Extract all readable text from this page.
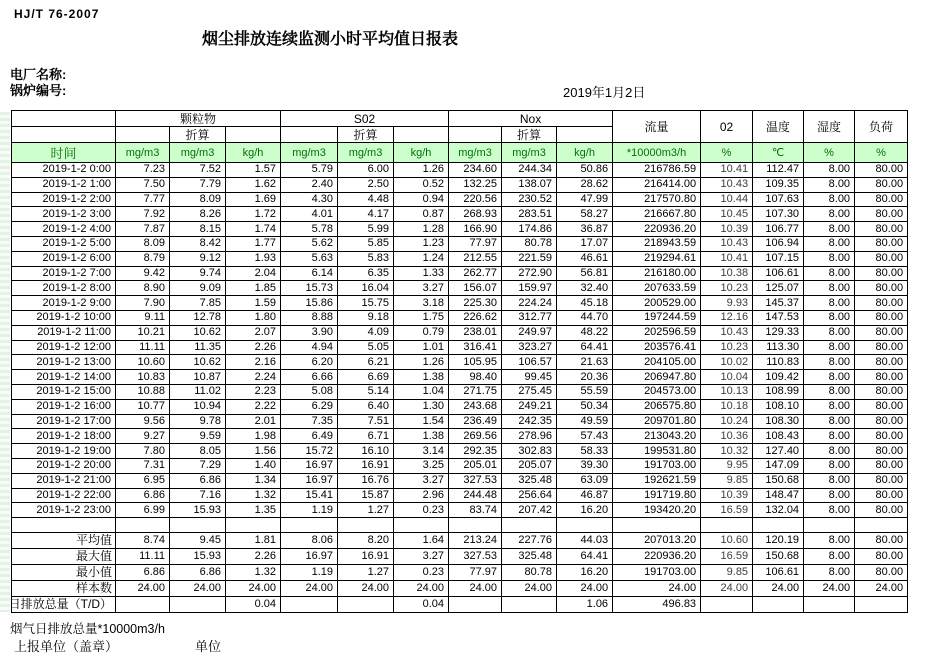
HJ/T 76-2007
烟尘排放连续监测小时平均值日报表
电厂名称:
锅炉编号:	2019年1月2日
	颗粒物			S02			Nox			流量	02	温度	湿度	负荷
		折算			折算			折算						
时间	mg/m3	mg/m3	kg/h	mg/m3	mg/m3	kg/h	mg/m3	mg/m3	kg/h	*10000m3/h	%	℃	%	%
2019-1-2 0:00	7.23	7.52	1.57	5.79	6.00	1.26	234.60	244.34	50.86	216786.59	10.41	112.47	8.00	80.00
2019-1-2 1:00	7.50	7.79	1.62	2.40	2.50	0.52	132.25	138.07	28.62	216414.00	10.43	109.35	8.00	80.00
2019-1-2 2:00	7.77	8.09	1.69	4.30	4.48	0.94	220.56	230.52	47.99	217570.80	10.44	107.63	8.00	80.00
2019-1-2 3:00	7.92	8.26	1.72	4.01	4.17	0.87	268.93	283.51	58.27	216667.80	10.45	107.30	8.00	80.00
2019-1-2 4:00	7.87	8.15	1.74	5.78	5.99	1.28	166.90	174.86	36.87	220936.20	10.39	106.77	8.00	80.00
2019-1-2 5:00	8.09	8.42	1.77	5.62	5.85	1.23	77.97	80.78	17.07	218943.59	10.43	106.94	8.00	80.00
2019-1-2 6:00	8.79	9.12	1.93	5.63	5.83	1.24	212.55	221.59	46.61	219294.61	10.41	107.15	8.00	80.00
2019-1-2 7:00	9.42	9.74	2.04	6.14	6.35	1.33	262.77	272.90	56.81	216180.00	10.38	106.61	8.00	80.00
2019-1-2 8:00	8.90	9.09	1.85	15.73	16.04	3.27	156.07	159.97	32.40	207633.59	10.23	125.07	8.00	80.00
2019-1-2 9:00	7.90	7.85	1.59	15.86	15.75	3.18	225.30	224.24	45.18	200529.00	9.93	145.37	8.00	80.00
2019-1-2 10:00	9.11	12.78	1.80	8.88	9.18	1.75	226.62	312.77	44.70	197244.59	12.16	147.53	8.00	80.00
2019-1-2 11:00	10.21	10.62	2.07	3.90	4.09	0.79	238.01	249.97	48.22	202596.59	10.43	129.33	8.00	80.00
2019-1-2 12:00	11.11	11.35	2.26	4.94	5.05	1.01	316.41	323.27	64.41	203576.41	10.23	113.30	8.00	80.00
2019-1-2 13:00	10.60	10.62	2.16	6.20	6.21	1.26	105.95	106.57	21.63	204105.00	10.02	110.83	8.00	80.00
2019-1-2 14:00	10.83	10.87	2.24	6.66	6.69	1.38	98.40	99.45	20.36	206947.80	10.04	109.42	8.00	80.00
2019-1-2 15:00	10.88	11.02	2.23	5.08	5.14	1.04	271.75	275.45	55.59	204573.00	10.13	108.99	8.00	80.00
2019-1-2 16:00	10.77	10.94	2.22	6.29	6.40	1.30	243.68	249.21	50.34	206575.80	10.18	108.10	8.00	80.00
2019-1-2 17:00	9.56	9.78	2.01	7.35	7.51	1.54	236.49	242.35	49.59	209701.80	10.24	108.30	8.00	80.00
2019-1-2 18:00	9.27	9.59	1.98	6.49	6.71	1.38	269.56	278.96	57.43	213043.20	10.36	108.43	8.00	80.00
2019-1-2 19:00	7.80	8.05	1.56	15.72	16.10	3.14	292.35	302.83	58.33	199531.80	10.32	127.40	8.00	80.00
2019-1-2 20:00	7.31	7.29	1.40	16.97	16.91	3.25	205.01	205.07	39.30	191703.00	9.95	147.09	8.00	80.00
2019-1-2 21:00	6.95	6.86	1.34	16.97	16.76	3.27	327.53	325.48	63.09	192621.59	9.85	150.68	8.00	80.00
2019-1-2 22:00	6.86	7.16	1.32	15.41	15.87	2.96	244.48	256.64	46.87	191719.80	10.39	148.47	8.00	80.00
2019-1-2 23:00	6.99	15.93	1.35	1.19	1.27	0.23	83.74	207.42	16.20	193420.20	16.59	132.04	8.00	80.00

平均值	8.74	9.45	1.81	8.06	8.20	1.64	213.24	227.76	44.03	207013.20	10.60	120.19	8.00	80.00

最大值	11.11	15.93	2.26	16.97	16.91	3.27	327.53	325.48	64.41	220936.20	16.59	150.68	8.00	80.00

最小值	6.86	6.86	1.32	1.19	1.27	0.23	77.97	80.78	16.20	191703.00	9.85	106.61	8.00	80.00

样本数	24.00	24.00	24.00	24.00	24.00	24.00	24.00	24.00	24.00	24.00	24.00	24.00	24.00	24.00

日排放总量（T/D）			0.04			0.04			1.06	496.83				
烟气日排放总量*10000m3/h
上报单位（盖章）	单位
